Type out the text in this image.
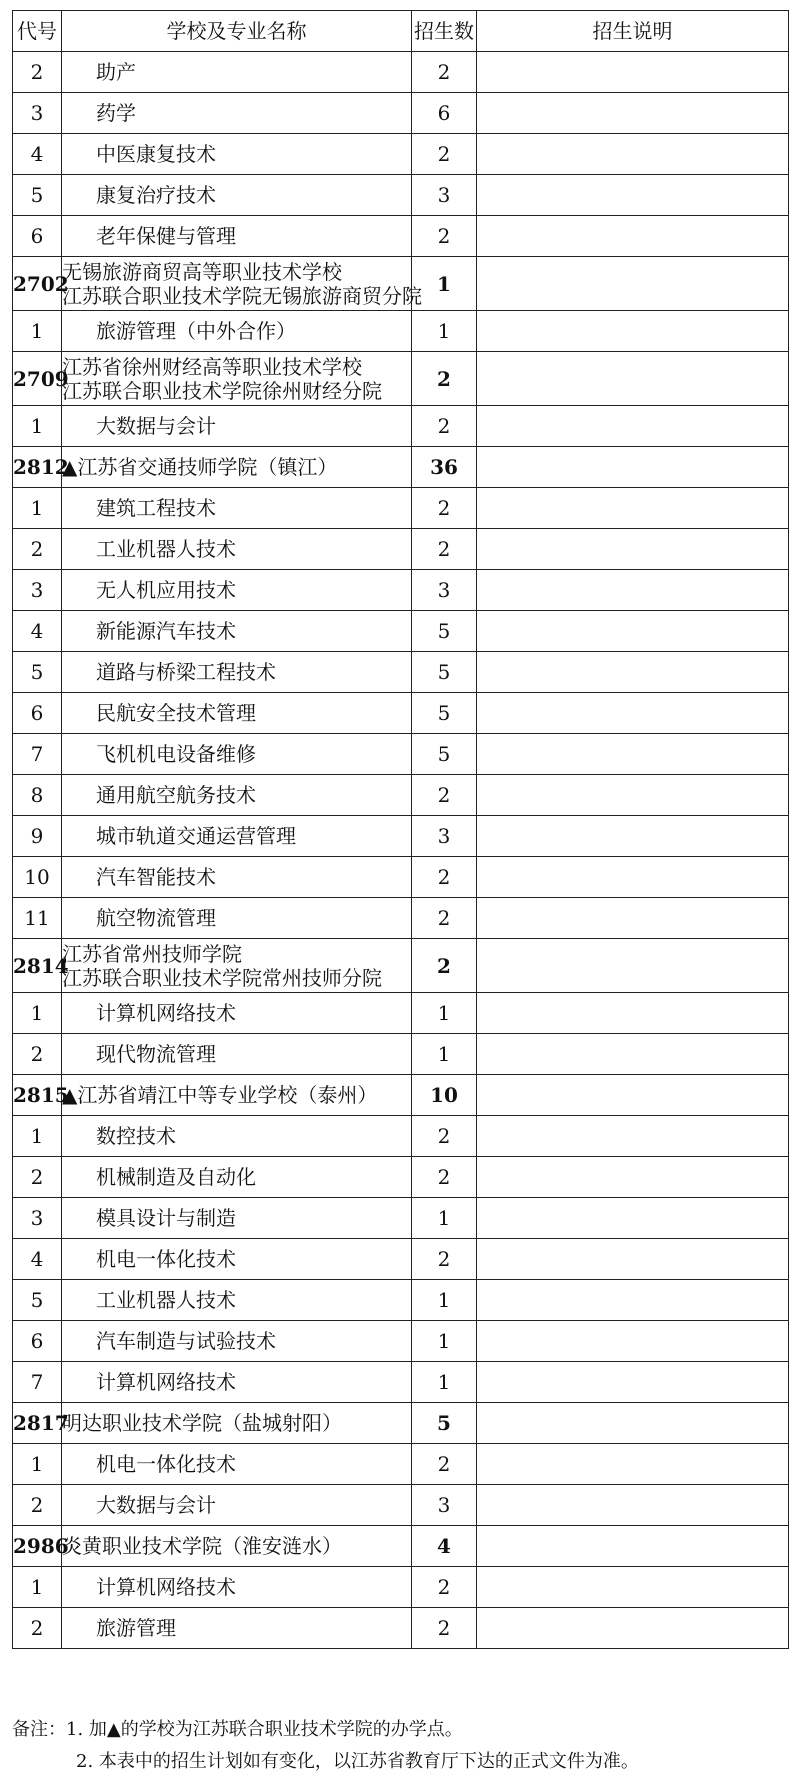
代号	学校及专业名称	招生数	招生说明
2	助产	2	
3	药学	6	
4	中医康复技术	2	
5	康复治疗技术	3	
6	老年保健与管理	2	
2702	无锡旅游商贸高等职业技术学校
江苏联合职业技术学院无锡旅游商贸分院	1	
1	旅游管理（中外合作）	1	
2709	江苏省徐州财经高等职业技术学校
江苏联合职业技术学院徐州财经分院	2	
1	大数据与会计	2	
2812	▲江苏省交通技师学院（镇江）	36	
1	建筑工程技术	2	
2	工业机器人技术	2	
3	无人机应用技术	3	
4	新能源汽车技术	5	
5	道路与桥梁工程技术	5	
6	民航安全技术管理	5	
7	飞机机电设备维修	5	
8	通用航空航务技术	2	
9	城市轨道交通运营管理	3	
10	汽车智能技术	2	
11	航空物流管理	2	
2814	江苏省常州技师学院
江苏联合职业技术学院常州技师分院	2	
1	计算机网络技术	1	
2	现代物流管理	1	
2815	▲江苏省靖江中等专业学校（泰州）	10	
1	数控技术	2	
2	机械制造及自动化	2	
3	模具设计与制造	1	
4	机电一体化技术	2	
5	工业机器人技术	1	
6	汽车制造与试验技术	1	
7	计算机网络技术	1	
2817	明达职业技术学院（盐城射阳）	5	
1	机电一体化技术	2	
2	大数据与会计	3	
2986	炎黄职业技术学院（淮安涟水）	4	
1	计算机网络技术	2	
2	旅游管理	2	
备注： 1. 加▲的学校为江苏联合职业技术学院的办学点。
2. 本表中的招生计划如有变化，以江苏省教育厅下达的正式文件为准。
